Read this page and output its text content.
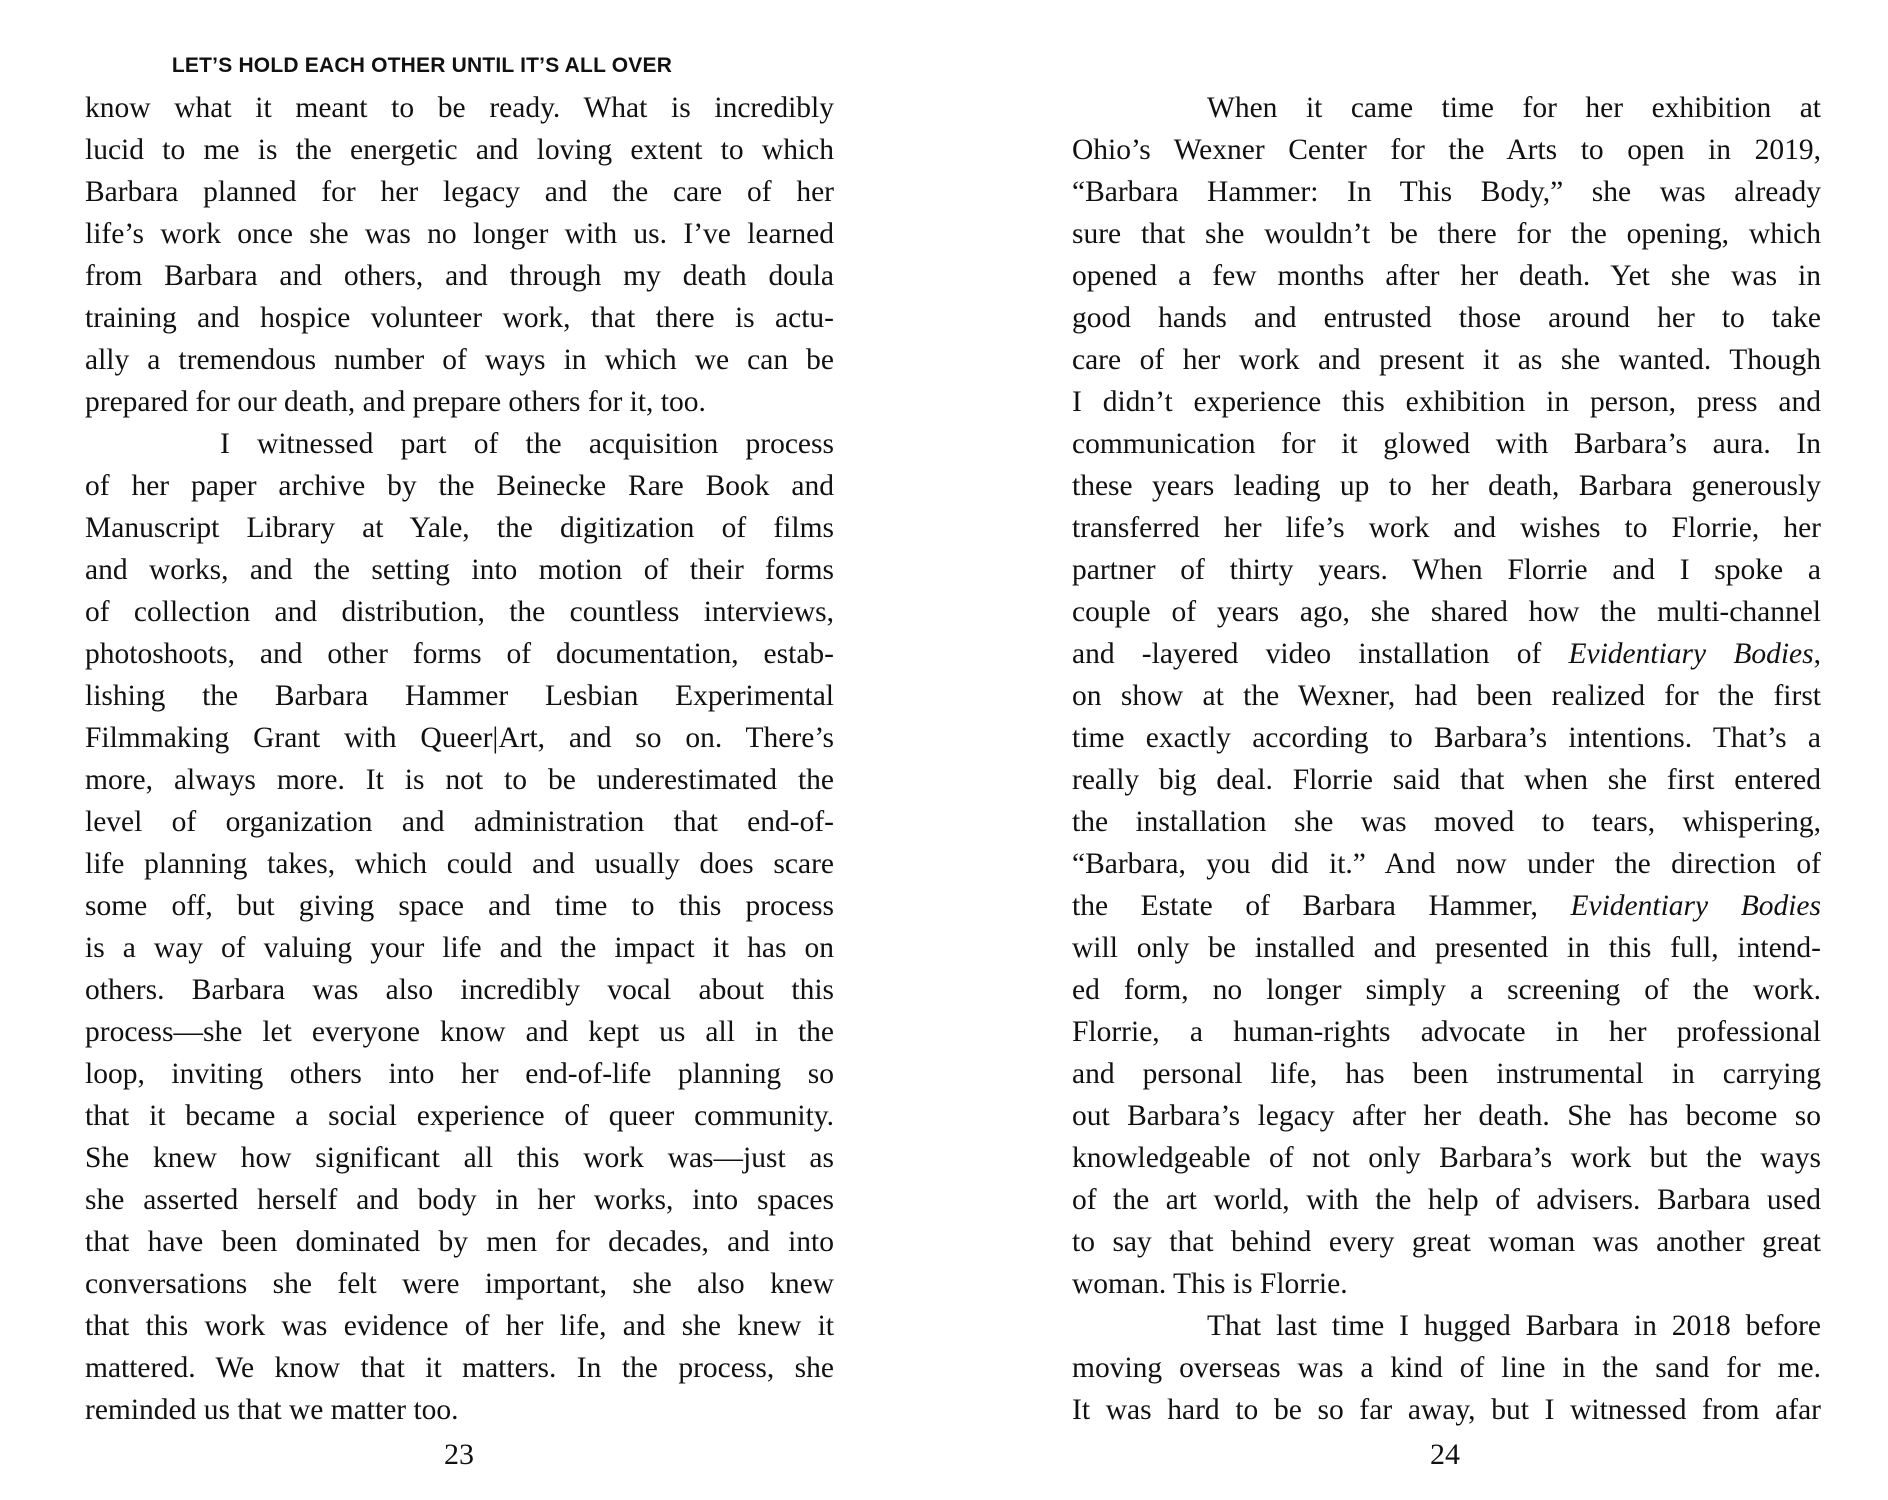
LET’S HOLD EACH OTHER UNTIL IT’S ALL OVER
know what it meant to be ready. What is incredibly
lucid to me is the energetic and loving extent to which
Barbara planned for her legacy and the care of her
life’s work once she was no longer with us. I’ve learned
from Barbara and others, and through my death doula
training and hospice volunteer work, that there is actu-
ally a tremendous number of ways in which we can be
prepared for our death, and prepare others for it, too.
I witnessed part of the acquisition process
of her paper archive by the Beinecke Rare Book and
Manuscript Library at Yale, the digitization of films
and works, and the setting into motion of their forms
of collection and distribution, the countless interviews,
photoshoots, and other forms of documentation, estab-
lishing the Barbara Hammer Lesbian Experimental
Filmmaking Grant with Queer|Art, and so on. There’s
more, always more. It is not to be underestimated the
level of organization and administration that end-of-
life planning takes, which could and usually does scare
some off, but giving space and time to this process
is a way of valuing your life and the impact it has on
others. Barbara was also incredibly vocal about this
process—she let everyone know and kept us all in the
loop, inviting others into her end-of-life planning so
that it became a social experience of queer community.
She knew how significant all this work was—just as
she asserted herself and body in her works, into spaces
that have been dominated by men for decades, and into
conversations she felt were important, she also knew
that this work was evidence of her life, and she knew it
mattered. We know that it matters. In the process, she
reminded us that we matter too.
When it came time for her exhibition at
Ohio’s Wexner Center for the Arts to open in 2019,
“Barbara Hammer: In This Body,” she was already
sure that she wouldn’t be there for the opening, which
opened a few months after her death. Yet she was in
good hands and entrusted those around her to take
care of her work and present it as she wanted. Though
I didn’t experience this exhibition in person, press and
communication for it glowed with Barbara’s aura. In
these years leading up to her death, Barbara generously
transferred her life’s work and wishes to Florrie, her
partner of thirty years. When Florrie and I spoke a
couple of years ago, she shared how the multi-channel
and -layered video installation of Evidentiary Bodies,
on show at the Wexner, had been realized for the first
time exactly according to Barbara’s intentions. That’s a
really big deal. Florrie said that when she first entered
the installation she was moved to tears, whispering,
“Barbara, you did it.” And now under the direction of
the Estate of Barbara Hammer, Evidentiary Bodies
will only be installed and presented in this full, intend-
ed form, no longer simply a screening of the work.
Florrie, a human-rights advocate in her professional
and personal life, has been instrumental in carrying
out Barbara’s legacy after her death. She has become so
knowledgeable of not only Barbara’s work but the ways
of the art world, with the help of advisers. Barbara used
to say that behind every great woman was another great
woman. This is Florrie.
That last time I hugged Barbara in 2018 before
moving overseas was a kind of line in the sand for me.
It was hard to be so far away, but I witnessed from afar
23	24
